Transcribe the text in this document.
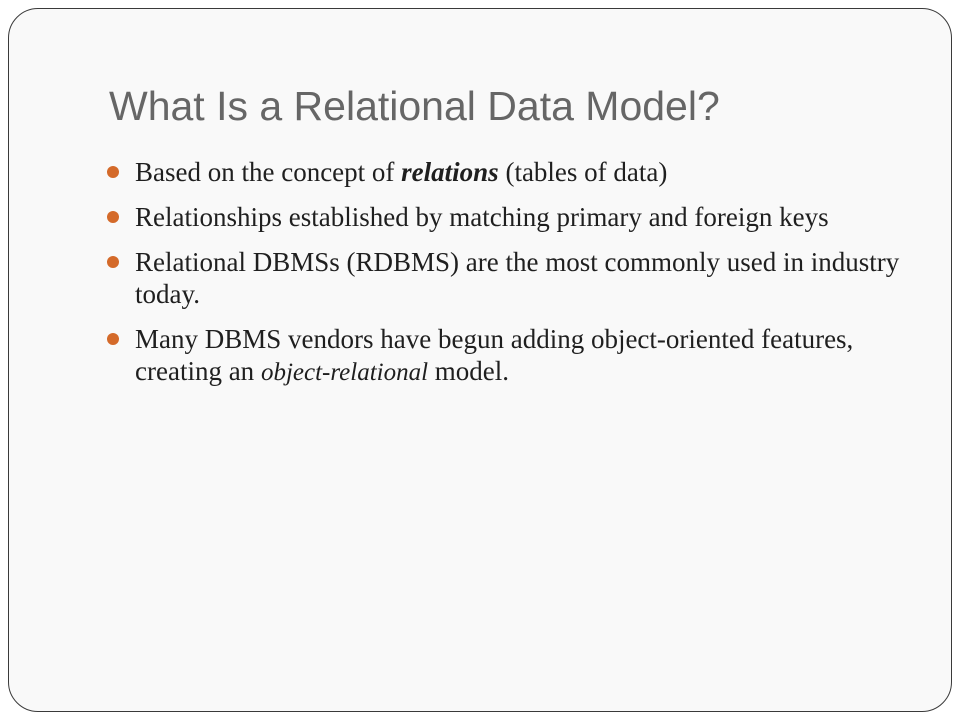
What Is a Relational Data Model?
Based on the concept of relations (tables of data)
Relationships established by matching primary and foreign keys
Relational DBMSs (RDBMS) are the most commonly used in industry today.
Many DBMS vendors have begun adding object-oriented features, creating an object-relational model.
